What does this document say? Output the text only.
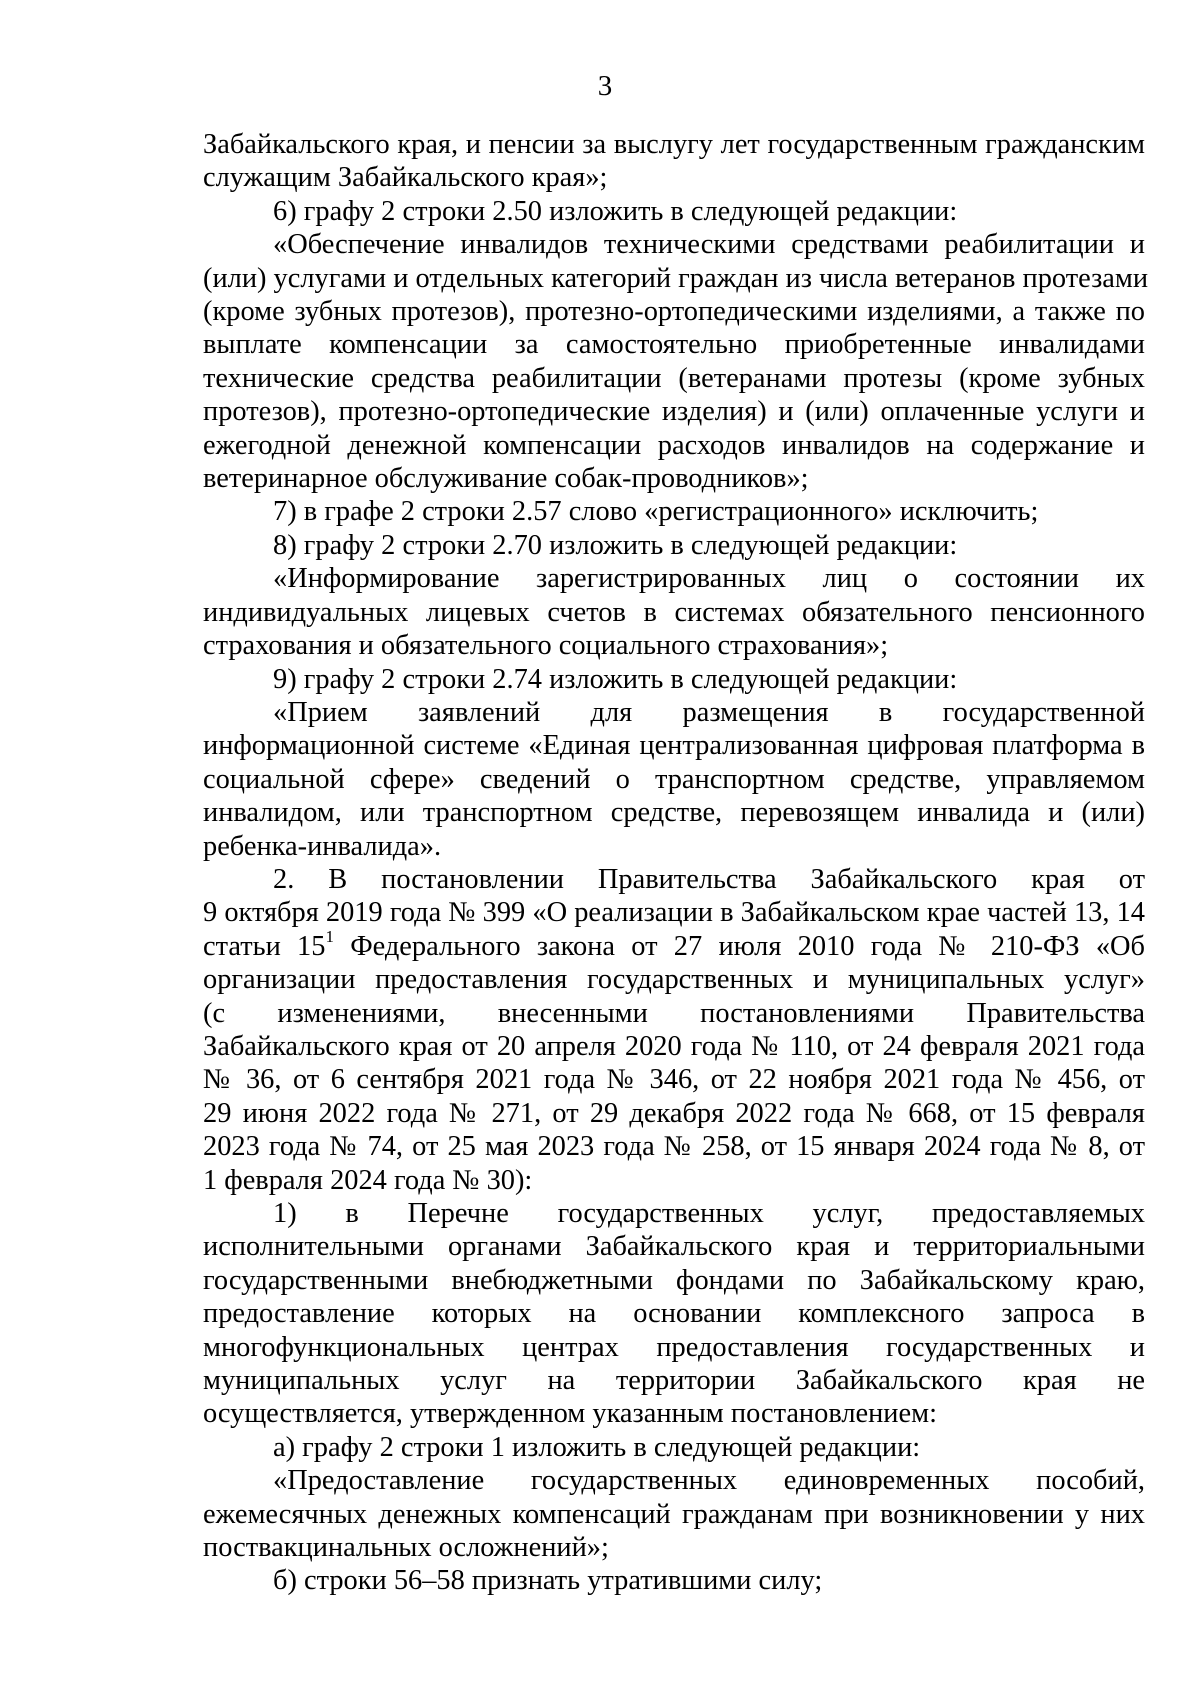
3
Забайкальского края, и пенсии за выслугу лет государственным гражданским
служащим Забайкальского края»;
6) графу 2 строки 2.50 изложить в следующей редакции:
«Обеспечение инвалидов техническими средствами реабилитации и
(или) услугами и отдельных категорий граждан из числа ветеранов протезами
(кроме зубных протезов), протезно-ортопедическими изделиями, а также по
выплате компенсации за самостоятельно приобретенные инвалидами
технические средства реабилитации (ветеранами протезы (кроме зубных
протезов), протезно-ортопедические изделия) и (или) оплаченные услуги и
ежегодной денежной компенсации расходов инвалидов на содержание и
ветеринарное обслуживание собак-проводников»;
7) в графе 2 строки 2.57 слово «регистрационного» исключить;
8) графу 2 строки 2.70 изложить в следующей редакции:
«Информирование зарегистрированных лиц о состоянии их
индивидуальных лицевых счетов в системах обязательного пенсионного
страхования и обязательного социального страхования»;
9) графу 2 строки 2.74 изложить в следующей редакции:
«Прием заявлений для размещения в государственной
информационной системе «Единая централизованная цифровая платформа в
социальной сфере» сведений о транспортном средстве, управляемом
инвалидом, или транспортном средстве, перевозящем инвалида и (или)
ребенка-инвалида».
2. В постановлении Правительства Забайкальского края от
9 октября 2019 года № 399 «О реализации в Забайкальском крае частей 13, 14
статьи $15^1$ Федерального закона от 27 июля 2010 года № 210-ФЗ «Об
организации предоставления государственных и муниципальных услуг»
(с изменениями, внесенными постановлениями Правительства
Забайкальского края от 20 апреля 2020 года № 110, от 24 февраля 2021 года
№ 36, от 6 сентября 2021 года № 346, от 22 ноября 2021 года № 456, от
29 июня 2022 года № 271, от 29 декабря 2022 года № 668, от 15 февраля
2023 года № 74, от 25 мая 2023 года № 258, от 15 января 2024 года № 8, от
1 февраля 2024 года № 30):
1) в Перечне государственных услуг, предоставляемых
исполнительными органами Забайкальского края и территориальными
государственными внебюджетными фондами по Забайкальскому краю,
предоставление которых на основании комплексного запроса в
многофункциональных центрах предоставления государственных и
муниципальных услуг на территории Забайкальского края не
осуществляется, утвержденном указанным постановлением:
а) графу 2 строки 1 изложить в следующей редакции:
«Предоставление государственных единовременных пособий,
ежемесячных денежных компенсаций гражданам при возникновении у них
поствакцинальных осложнений»;
б) строки 56–58 признать утратившими силу;
